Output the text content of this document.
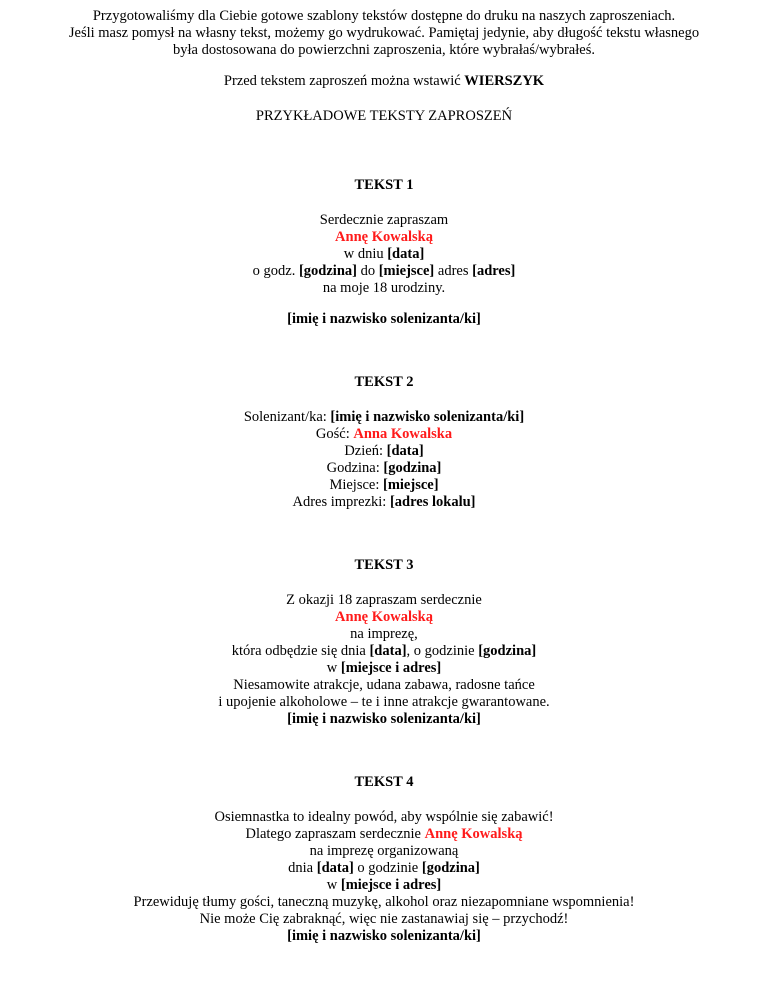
Przygotowaliśmy dla Ciebie gotowe szablony tekstów dostępne do druku na naszych zaproszeniach.
Jeśli masz pomysł na własny tekst, możemy go wydrukować. Pamiętaj jedynie, aby długość tekstu własnego
była dostosowana do powierzchni zaproszenia, które wybrałaś/wybrałeś.
Przed tekstem zaproszeń można wstawić WIERSZYK
PRZYKŁADOWE TEKSTY ZAPROSZEŃ
TEKST 1
Serdecznie zapraszam
Annę Kowalską
w dniu [data]
o godz. [godzina] do [miejsce] adres [adres]
na moje 18 urodziny.
[imię i nazwisko solenizanta/ki]
TEKST 2
Solenizant/ka: [imię i nazwisko solenizanta/ki]
Gość: Anna Kowalska
Dzień: [data]
Godzina: [godzina]
Miejsce: [miejsce]
Adres imprezki: [adres lokalu]
TEKST 3
Z okazji 18 zapraszam serdecznie
Annę Kowalską
na imprezę,
która odbędzie się dnia [data], o godzinie [godzina]
w [miejsce i adres]
Niesamowite atrakcje, udana zabawa, radosne tańce
i upojenie alkoholowe – te i inne atrakcje gwarantowane.
[imię i nazwisko solenizanta/ki]
TEKST 4
Osiemnastka to idealny powód, aby wspólnie się zabawić!
Dlatego zapraszam serdecznie Annę Kowalską
na imprezę organizowaną
dnia [data] o godzinie [godzina]
w [miejsce i adres]
Przewiduję tłumy gości, taneczną muzykę, alkohol oraz niezapomniane wspomnienia!
Nie może Cię zabraknąć, więc nie zastanawiaj się – przychodź!
[imię i nazwisko solenizanta/ki]
